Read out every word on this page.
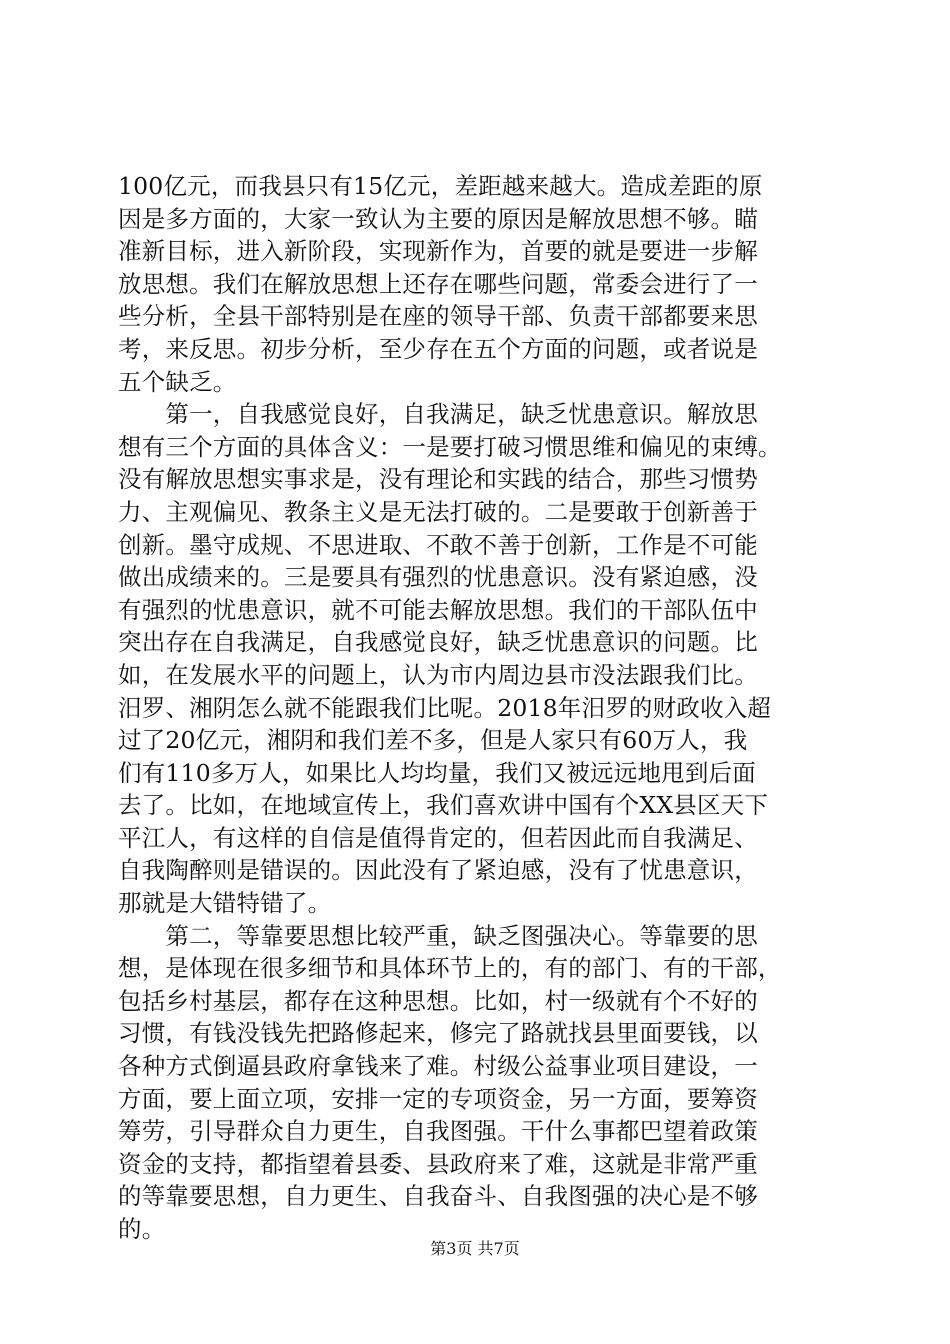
100亿元，而我县只有15亿元，差距越来越大。造成差距的原
因是多方面的，大家一致认为主要的原因是解放思想不够。瞄
准新目标，进入新阶段，实现新作为，首要的就是要进一步解
放思想。我们在解放思想上还存在哪些问题，常委会进行了一
些分析，全县干部特别是在座的领导干部、负责干部都要来思
考，来反思。初步分析，至少存在五个方面的问题，或者说是
五个缺乏。
　　第一，自我感觉良好，自我满足，缺乏忧患意识。解放思
想有三个方面的具体含义：一是要打破习惯思维和偏见的束缚。
没有解放思想实事求是，没有理论和实践的结合，那些习惯势
力、主观偏见、教条主义是无法打破的。二是要敢于创新善于
创新。墨守成规、不思进取、不敢不善于创新，工作是不可能
做出成绩来的。三是要具有强烈的忧患意识。没有紧迫感，没
有强烈的忧患意识，就不可能去解放思想。我们的干部队伍中
突出存在自我满足，自我感觉良好，缺乏忧患意识的问题。比
如，在发展水平的问题上，认为市内周边县市没法跟我们比。
汨罗、湘阴怎么就不能跟我们比呢。2018年汨罗的财政收入超
过了20亿元，湘阴和我们差不多，但是人家只有60万人，我
们有110多万人，如果比人均均量，我们又被远远地甩到后面
去了。比如，在地域宣传上，我们喜欢讲中国有个XX县区天下
平江人，有这样的自信是值得肯定的，但若因此而自我满足、
自我陶醉则是错误的。因此没有了紧迫感，没有了忧患意识，
那就是大错特错了。
　　第二，等靠要思想比较严重，缺乏图强决心。等靠要的思
想，是体现在很多细节和具体环节上的，有的部门、有的干部，
包括乡村基层，都存在这种思想。比如，村一级就有个不好的
习惯，有钱没钱先把路修起来，修完了路就找县里面要钱，以
各种方式倒逼县政府拿钱来了难。村级公益事业项目建设，一
方面，要上面立项，安排一定的专项资金，另一方面，要筹资
筹劳，引导群众自力更生，自我图强。干什么事都巴望着政策
资金的支持，都指望着县委、县政府来了难，这就是非常严重
的等靠要思想，自力更生、自我奋斗、自我图强的决心是不够
的。
第3页 共7页
